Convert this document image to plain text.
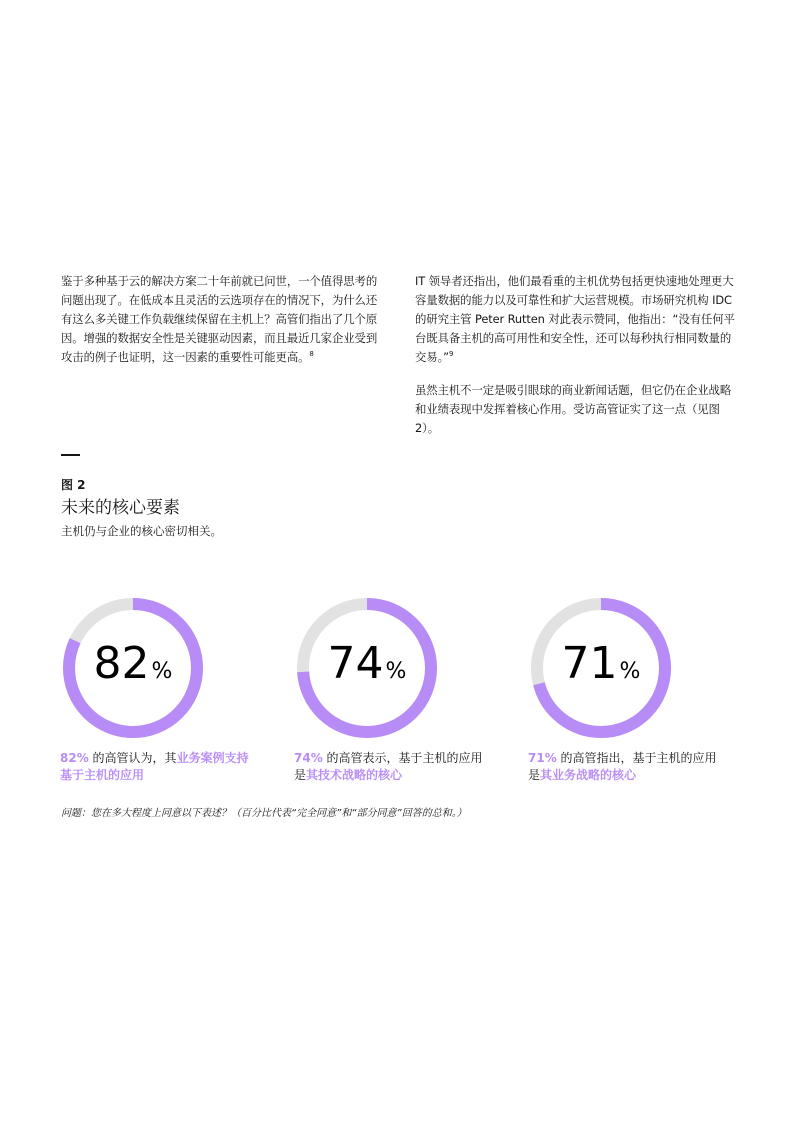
鉴于多种基于云的解决方案二十年前就已问世，一个值得思考的问题出现了。在低成本且灵活的云选项存在的情况下，为什么还有这么多关键工作负载继续保留在主机上？高管们指出了几个原因。增强的数据安全性是关键驱动因素，而且最近几家企业受到攻击的例子也证明，这一因素的重要性可能更高。$^8$

IT 领导者还指出，他们最看重的主机优势包括更快速地处理更大容量数据的能力以及可靠性和扩大运营规模。市场研究机构 IDC 的研究主管 Peter Rutten 对此表示赞同，他指出：“没有任何平台既具备主机的高可用性和安全性，还可以每秒执行相同数量的交易。”$^9$

虽然主机不一定是吸引眼球的商业新闻话题，但它仍在企业战略和业绩表现中发挥着核心作用。受访高管证实了这一点（见图 2）。

图 2
未来的核心要素
主机仍与企业的核心密切相关。
82%
82% 的高管认为，其业务案例支持基于主机的应用
74%
74% 的高管表示，基于主机的应用是其技术战略的核心
71%
71% 的高管指出，基于主机的应用是其业务战略的核心
问题：您在多大程度上同意以下表述？（百分比代表“完全同意”和“部分同意”回答的总和。）
